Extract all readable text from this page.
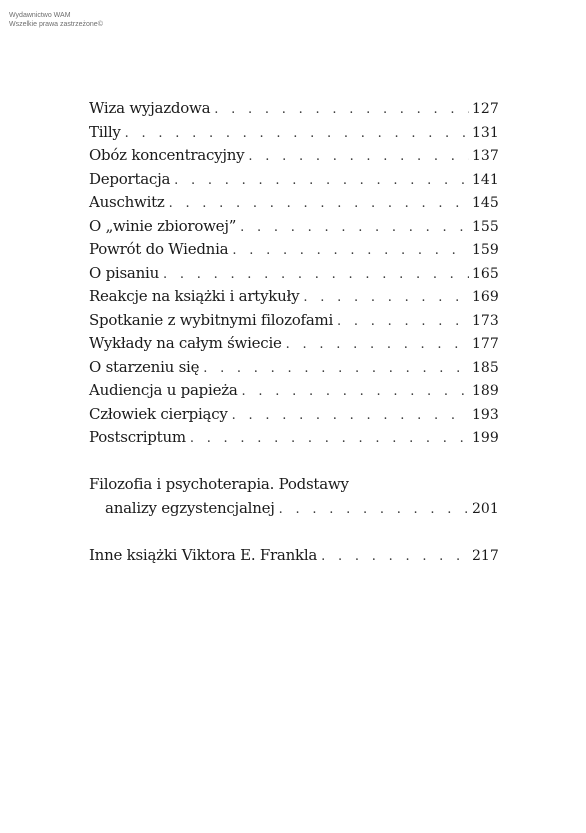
Wydawnictwo WAM
Wszelkie prawa zastrzeżone©
Wiza wyjazdowa . . .	127
Tilly . . .	131
Obóz koncentracyjny . . .	137
Deportacja . . .	141
Auschwitz . . .	145
O „winie zbiorowej” . . .	155
Powrót do Wiednia . . .	159
O pisaniu . . .	165
Reakcje na książki i artykuły . . .	169
Spotkanie z wybitnymi filozofami . . .	173
Wykłady na całym świecie . . .	177
O starzeniu się . . .	185
Audiencja u papieża . . .	189
Człowiek cierpiący . . .	193
Postscriptum . . .	199
Filozofia i psychoterapia. Podstawy
analizy egzystencjalnej . . .	201
Inne książki Viktora E. Frankla . . .	217
